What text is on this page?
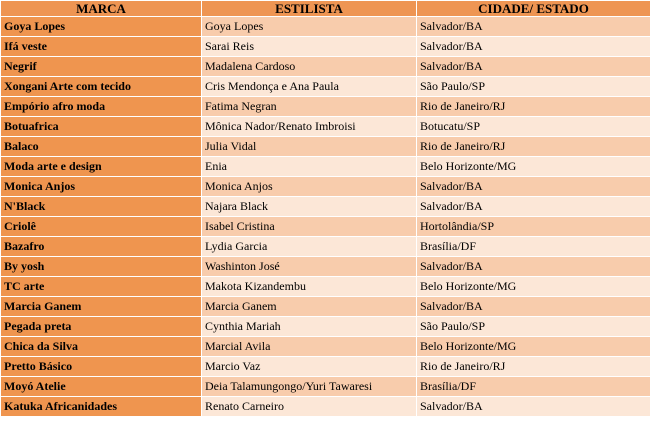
MARCA	ESTILISTA	CIDADE/ ESTADO
Goya Lopes	Goya Lopes	Salvador/BA
Ifá veste	Sarai Reis	Salvador/BA
Negrif	Madalena Cardoso	Salvador/BA
Xongani Arte com tecido	Cris Mendonça e Ana Paula	São Paulo/SP
Empório afro moda	Fatima Negran	Rio de Janeiro/RJ
Botuafrica	Mônica Nador/Renato Imbroisi	Botucatu/SP
Balaco	Julia Vidal	Rio de Janeiro/RJ
Moda arte e design	Enia	Belo Horizonte/MG
Monica Anjos	Monica Anjos	Salvador/BA
N'Black	Najara Black	Salvador/BA
Criolê	Isabel Cristina	Hortolândia/SP
Bazafro	Lydia Garcia	Brasília/DF
By yosh	Washinton José	Salvador/BA
TC arte	Makota Kizandembu	Belo Horizonte/MG
Marcia Ganem	Marcia Ganem	Salvador/BA
Pegada preta	Cynthia Mariah	São Paulo/SP
Chica da Silva	Marcial Avila	Belo Horizonte/MG
Pretto Básico	Marcio Vaz	Rio de Janeiro/RJ
Moyó Atelie	Deia Talamungongo/Yuri Tawaresi	Brasília/DF
Katuka Africanidades	Renato Carneiro	Salvador/BA
